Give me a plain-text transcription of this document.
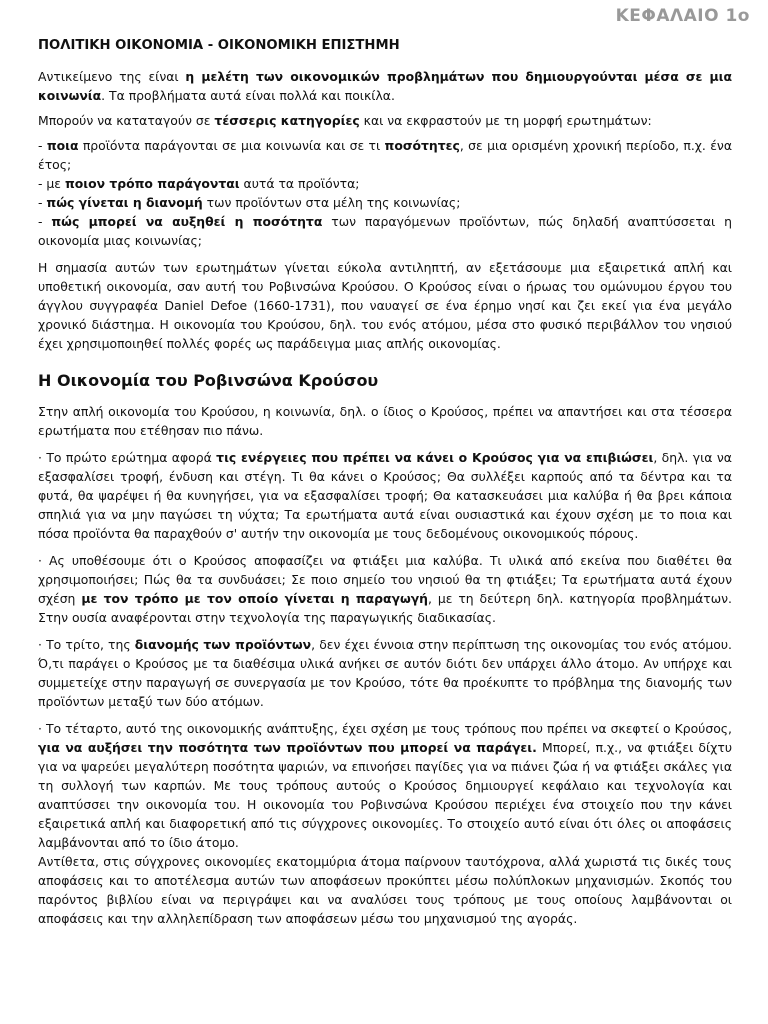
ΚΕΦΑΛΑΙΟ 1ο

ΠΟΛΙΤΙΚΗ ΟΙΚΟΝΟΜΙΑ - ΟΙΚΟΝΟΜΙΚΗ ΕΠΙΣΤΗΜΗ

Αντικείμενο της είναι η μελέτη των οικονομικών προβλημάτων που δημιουργούνται μέσα σε μια κοινωνία. Τα προβλήματα αυτά είναι πολλά και ποικίλα.

Μπορούν να καταταγούν σε τέσσερις κατηγορίες και να εκφραστούν με τη μορφή ερωτημάτων:

- ποια προϊόντα παράγονται σε μια κοινωνία και σε τι ποσότητες, σε μια ορισμένη χρονική περίοδο, π.χ. ένα έτος;

- με ποιον τρόπο παράγονται αυτά τα προϊόντα;

- πώς γίνεται η διανομή των προϊόντων στα μέλη της κοινωνίας;

- πώς μπορεί να αυξηθεί η ποσότητα των παραγόμενων προϊόντων, πώς δηλαδή αναπτύσσεται η οικονομία μιας κοινωνίας;

Η σημασία αυτών των ερωτημάτων γίνεται εύκολα αντιληπτή, αν εξετάσουμε μια εξαιρετικά απλή και υποθετική οικονομία, σαν αυτή του Ροβινσώνα Κρούσου. Ο Κρούσος είναι ο ήρωας του ομώνυμου έργου του άγγλου συγγραφέα Daniel Defoe (1660-1731), που ναυαγεί σε ένα έρημο νησί και ζει εκεί για ένα μεγάλο χρονικό διάστημα. Η οικονομία του Κρούσου, δηλ. του ενός ατόμου, μέσα στο φυσικό περιβάλλον του νησιού έχει χρησιμοποιηθεί πολλές φορές ως παράδειγμα μιας απλής οικονομίας.

Η Οικονομία του Ροβινσώνα Κρούσου

Στην απλή οικονομία του Κρούσου, η κοινωνία, δηλ. ο ίδιος ο Κρούσος, πρέπει να απαντήσει και στα τέσσερα ερωτήματα που ετέθησαν πιο πάνω.

· Το πρώτο ερώτημα αφορά τις ενέργειες που πρέπει να κάνει ο Κρούσος για να επιβιώσει, δηλ. για να εξασφαλίσει τροφή, ένδυση και στέγη. Τι θα κάνει ο Κρούσος; Θα συλλέξει καρπούς από τα δέντρα και τα φυτά, θα ψαρέψει ή θα κυνηγήσει, για να εξασφαλίσει τροφή; Θα κατασκευάσει μια καλύβα ή θα βρει κάποια σπηλιά για να μην παγώσει τη νύχτα; Τα ερωτήματα αυτά είναι ουσιαστικά και έχουν σχέση με το ποια και πόσα προϊόντα θα παραχθούν σ' αυτήν την οικονομία με τους δεδομένους οικονομικούς πόρους.

· Ας υποθέσουμε ότι ο Κρούσος αποφασίζει να φτιάξει μια καλύβα. Τι υλικά από εκείνα που διαθέτει θα χρησιμοποιήσει; Πώς θα τα συνδυάσει; Σε ποιο σημείο του νησιού θα τη φτιάξει; Τα ερωτήματα αυτά έχουν σχέση με τον τρόπο με τον οποίο γίνεται η παραγωγή, με τη δεύτερη δηλ. κατηγορία προβλημάτων. Στην ουσία αναφέρονται στην τεχνολογία της παραγωγικής διαδικασίας.

· Το τρίτο, της διανομής των προϊόντων, δεν έχει έννοια στην περίπτωση της οικονομίας του ενός ατόμου. Ό,τι παράγει ο Κρούσος με τα διαθέσιμα υλικά ανήκει σε αυτόν διότι δεν υπάρχει άλλο άτομο. Αν υπήρχε και συμμετείχε στην παραγωγή σε συνεργασία με τον Κρούσο, τότε θα προέκυπτε το πρόβλημα της διανομής των προϊόντων μεταξύ των δύο ατόμων.

· Το τέταρτο, αυτό της οικονομικής ανάπτυξης, έχει σχέση με τους τρόπους που πρέπει να σκεφτεί ο Κρούσος, για να αυξήσει την ποσότητα των προϊόντων που μπορεί να παράγει. Μπορεί, π.χ., να φτιάξει δίχτυ για να ψαρεύει μεγαλύτερη ποσότητα ψαριών, να επινοήσει παγίδες για να πιάνει ζώα ή να φτιάξει σκάλες για τη συλλογή των καρπών. Με τους τρόπους αυτούς ο Κρούσος δημιουργεί κεφάλαιο και τεχνολογία και αναπτύσσει την οικονομία του. Η οικονομία του Ροβινσώνα Κρούσου περιέχει ένα στοιχείο που την κάνει εξαιρετικά απλή και διαφορετική από τις σύγχρονες οικονομίες. Το στοιχείο αυτό είναι ότι όλες οι αποφάσεις λαμβάνονται από το ίδιο άτομο.

Αντίθετα, στις σύγχρονες οικονομίες εκατομμύρια άτομα παίρνουν ταυτόχρονα, αλλά χωριστά τις δικές τους αποφάσεις και το αποτέλεσμα αυτών των αποφάσεων προκύπτει μέσω πολύπλοκων μηχανισμών. Σκοπός του παρόντος βιβλίου είναι να περιγράψει και να αναλύσει τους τρόπους με τους οποίους λαμβάνονται οι αποφάσεις και την αλληλεπίδραση των αποφάσεων μέσω του μηχανισμού της αγοράς.
